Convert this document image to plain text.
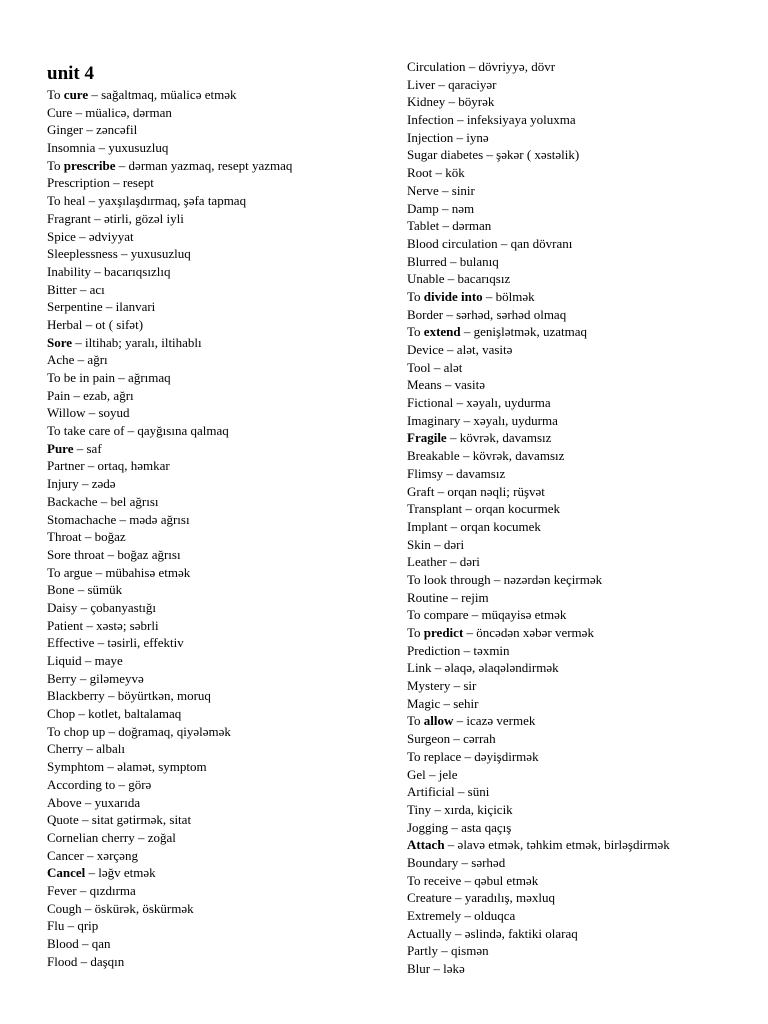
unit 4
To cure – sağaltmaq, müalicə etmək
Cure – müalicə, dərman
Ginger – zəncəfil
Insomnia – yuxusuzluq
To prescribe – dərman yazmaq, resept yazmaq
Prescription – resept
To heal – yaxşılaşdırmaq, şəfa tapmaq
Fragrant – ətirli, gözəl iyli
Spice – ədviyyat
Sleeplessness – yuxusuzluq
Inability – bacarıqsızlıq
Bitter – acı
Serpentine – ilanvari
Herbal – ot ( sifət)
Sore – iltihab; yaralı, iltihablı
Ache – ağrı
To be in pain – ağrımaq
Pain – ezab, ağrı
Willow – soyud
To take care of – qayğısına qalmaq
Pure – saf
Partner – ortaq, həmkar
Injury – zədə
Backache – bel ağrısı
Stomachache – mədə ağrısı
Throat – boğaz
Sore throat – boğaz ağrısı
To argue – mübahisə etmək
Bone – sümük
Daisy – çobanyastığı
Patient – xəstə; səbrli
Effective – təsirli, effektiv
Liquid – maye
Berry – giləmeyvə
Blackberry – böyürtkən, moruq
Chop – kotlet, baltalamaq
To chop up – doğramaq, qiyələmək
Cherry – albalı
Symphtom – əlamət, symptom
According to – görə
Above – yuxarıda
Quote – sitat gətirmək, sitat
Cornelian cherry – zoğal
Cancer – xərçəng
Cancel – ləğv etmək
Fever – qızdırma
Cough – öskürək, öskürmək
Flu – qrip
Blood – qan
Flood – daşqın
Circulation – dövriyyə, dövr
Liver – qaraciyər
Kidney – böyrək
Infection – infeksiyaya yoluxma
Injection – iynə
Sugar diabetes – şəkər ( xəstəlik)
Root – kök
Nerve – sinir
Damp – nəm
Tablet – dərman
Blood circulation – qan dövranı
Blurred – bulanıq
Unable – bacarıqsız
To divide into – bölmək
Border – sərhəd, sərhəd olmaq
To extend – genişlətmək, uzatmaq
Device – alət, vasitə
Tool – alət
Means – vasitə
Fictional – xəyalı, uydurma
Imaginary – xəyalı, uydurma
Fragile – kövrək, davamsız
Breakable – kövrək, davamsız
Flimsy – davamsız
Graft – orqan nəqli; rüşvət
Transplant – orqan kocurmek
Implant – orqan kocumek
Skin – dəri
Leather – dəri
To look through – nəzərdən keçirmək
Routine – rejim
To compare – müqayisə etmək
To predict – öncədən xəbər vermək
Prediction – təxmin
Link – əlaqə, əlaqələndirmək
Mystery – sir
Magic – sehir
To allow – icazə vermek
Surgeon – cərrah
To replace – dəyişdirmək
Gel – jele
Artificial – süni
Tiny – xırda, kiçicik
Jogging – asta qaçış
Attach – əlavə etmək, təhkim etmək, birləşdirmək
Boundary – sərhəd
To receive – qəbul etmək
Creature – yaradılış, məxluq
Extremely – olduqca
Actually – əslində, faktiki olaraq
Partly – qismən
Blur – ləkə
